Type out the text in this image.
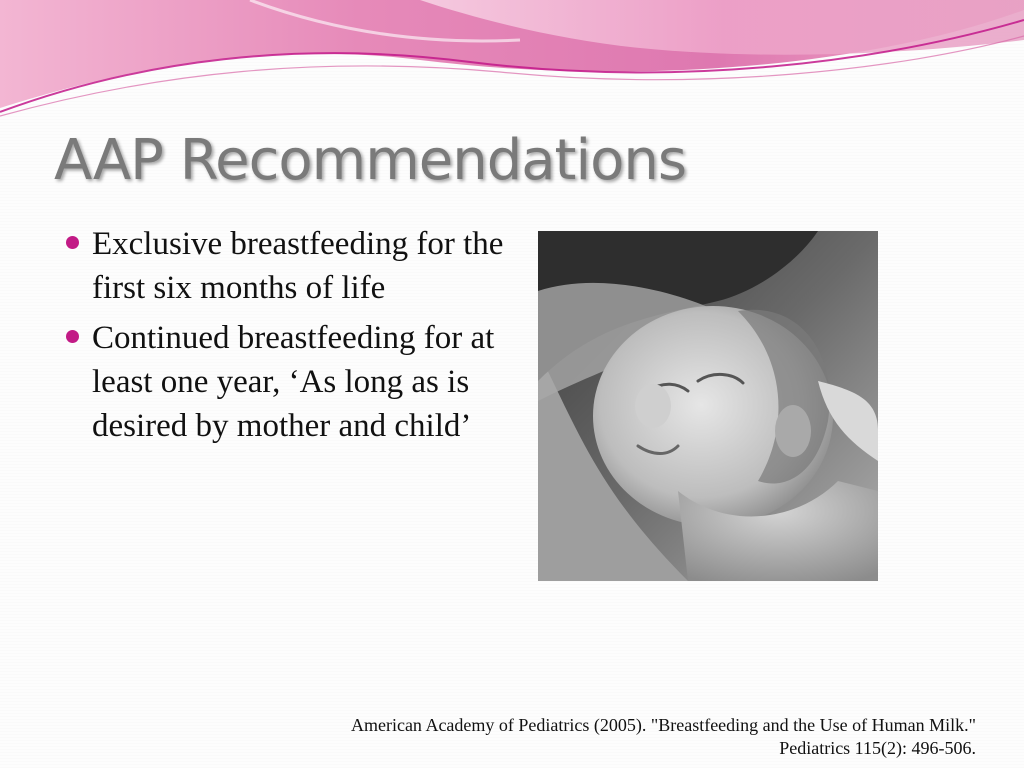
AAP Recommendations
Exclusive breastfeeding for the first six months of life
Continued breastfeeding for at least one year, ‘As long as is desired by mother and child’
American Academy of Pediatrics (2005). "Breastfeeding and the Use of Human Milk."
Pediatrics 115(2): 496-506.
